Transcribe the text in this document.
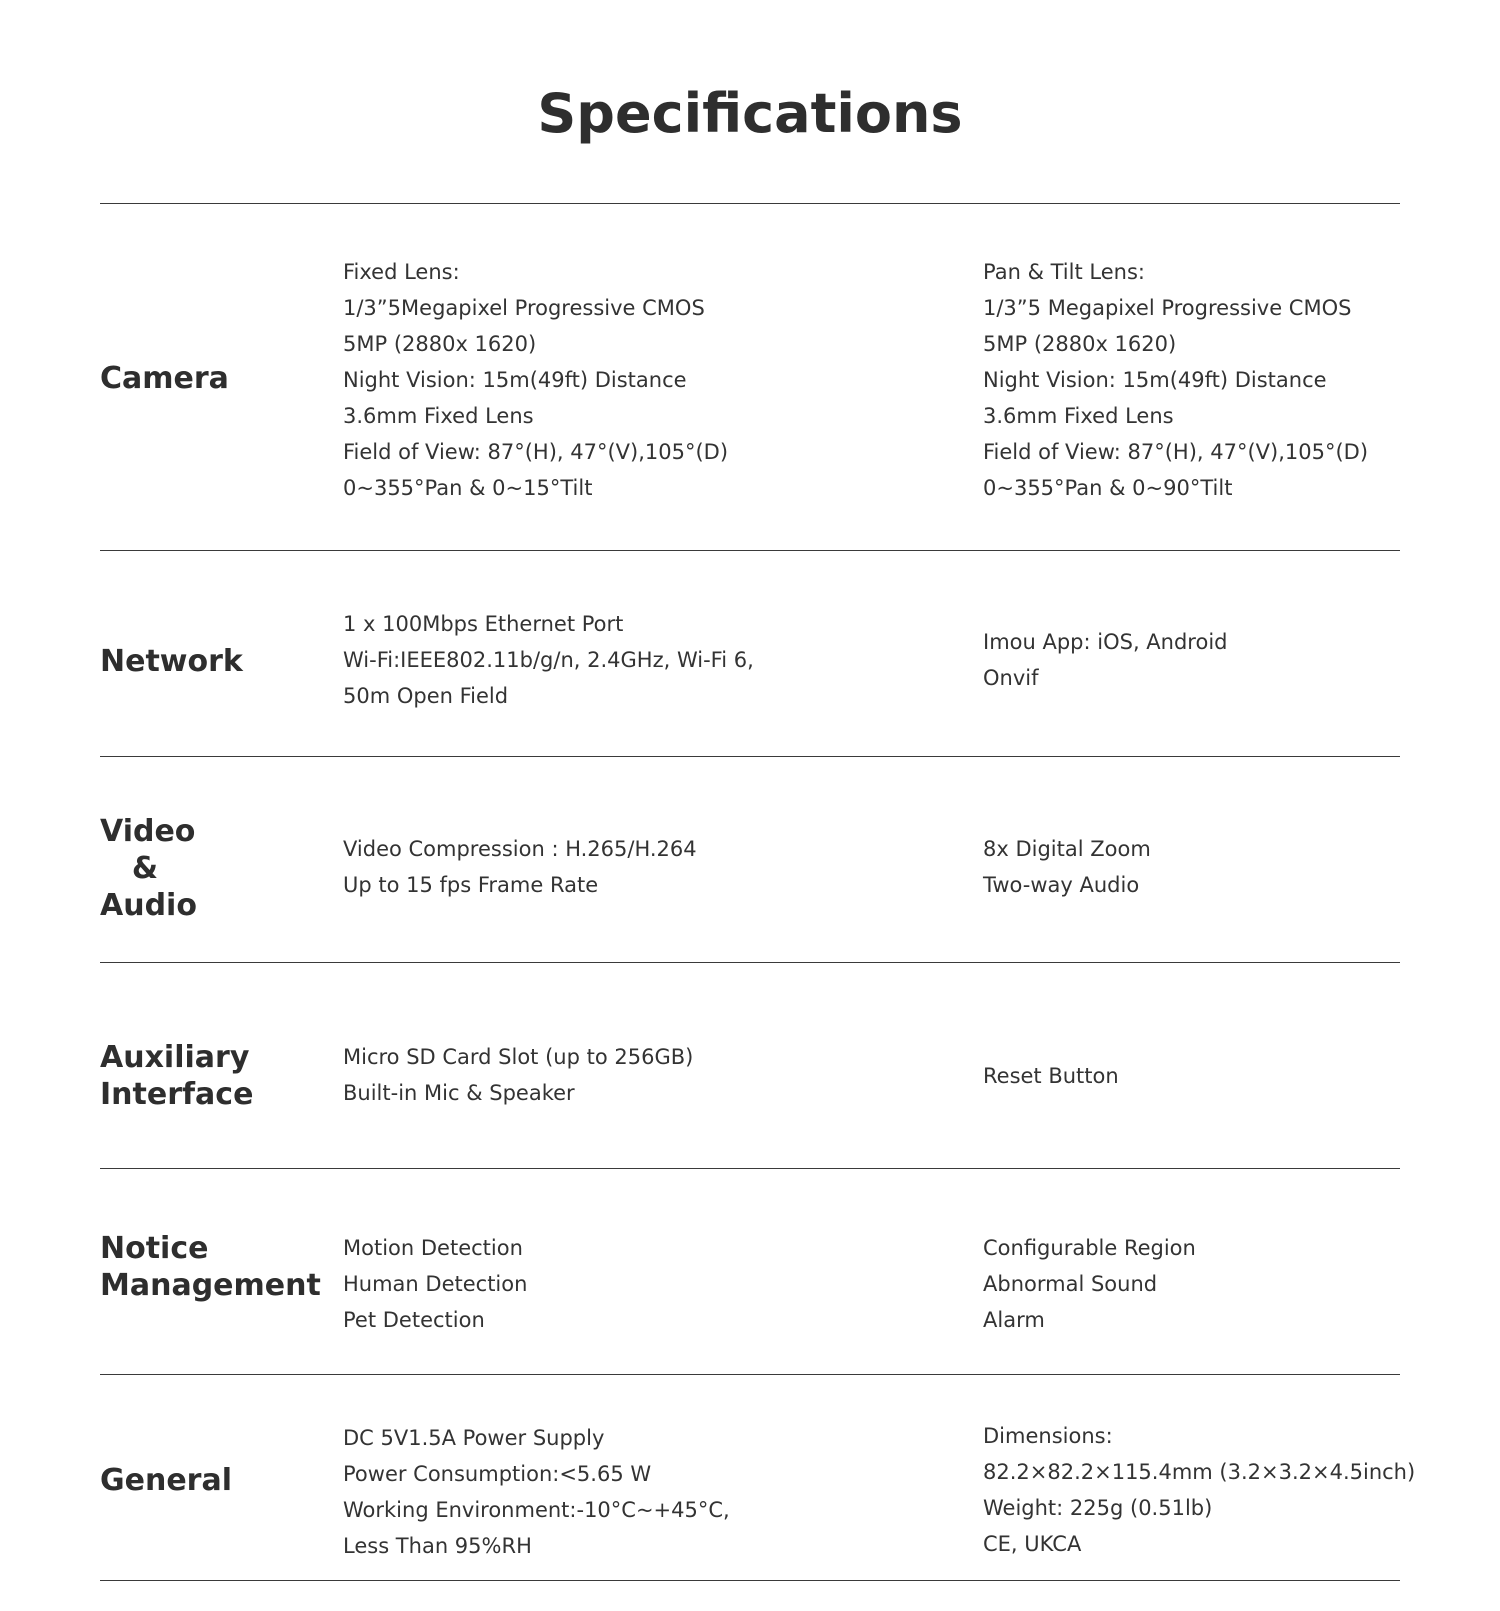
Specifications
Camera
Fixed Lens:
1/3”5Megapixel Progressive CMOS
5MP (2880x 1620)
Night Vision: 15m(49ft) Distance
3.6mm Fixed Lens
Field of View: 87°(H), 47°(V),105°(D)
0~355°Pan & 0~15°Tilt
Pan & Tilt Lens:
1/3”5 Megapixel Progressive CMOS
5MP (2880x 1620)
Night Vision: 15m(49ft) Distance
3.6mm Fixed Lens
Field of View: 87°(H), 47°(V),105°(D)
0~355°Pan & 0~90°Tilt
Network
1 x 100Mbps Ethernet Port
Wi-Fi:IEEE802.11b/g/n, 2.4GHz, Wi-Fi 6,
50m Open Field
Imou App: iOS, Android
Onvif
Video
&
Audio
Video Compression : H.265/H.264
Up to 15 fps Frame Rate
8x Digital Zoom
Two-way Audio
Auxiliary
Interface
Micro SD Card Slot (up to 256GB)
Built-in Mic & Speaker
Reset Button
Notice
Management
Motion Detection
Human Detection
Pet Detection
Configurable Region
Abnormal Sound
Alarm
General
DC 5V1.5A Power Supply
Power Consumption:<5.65 W
Working Environment:-10°C~+45°C,
Less Than 95%RH
Dimensions:
82.2×82.2×115.4mm (3.2×3.2×4.5inch)
Weight: 225g (0.51lb)
CE, UKCA
